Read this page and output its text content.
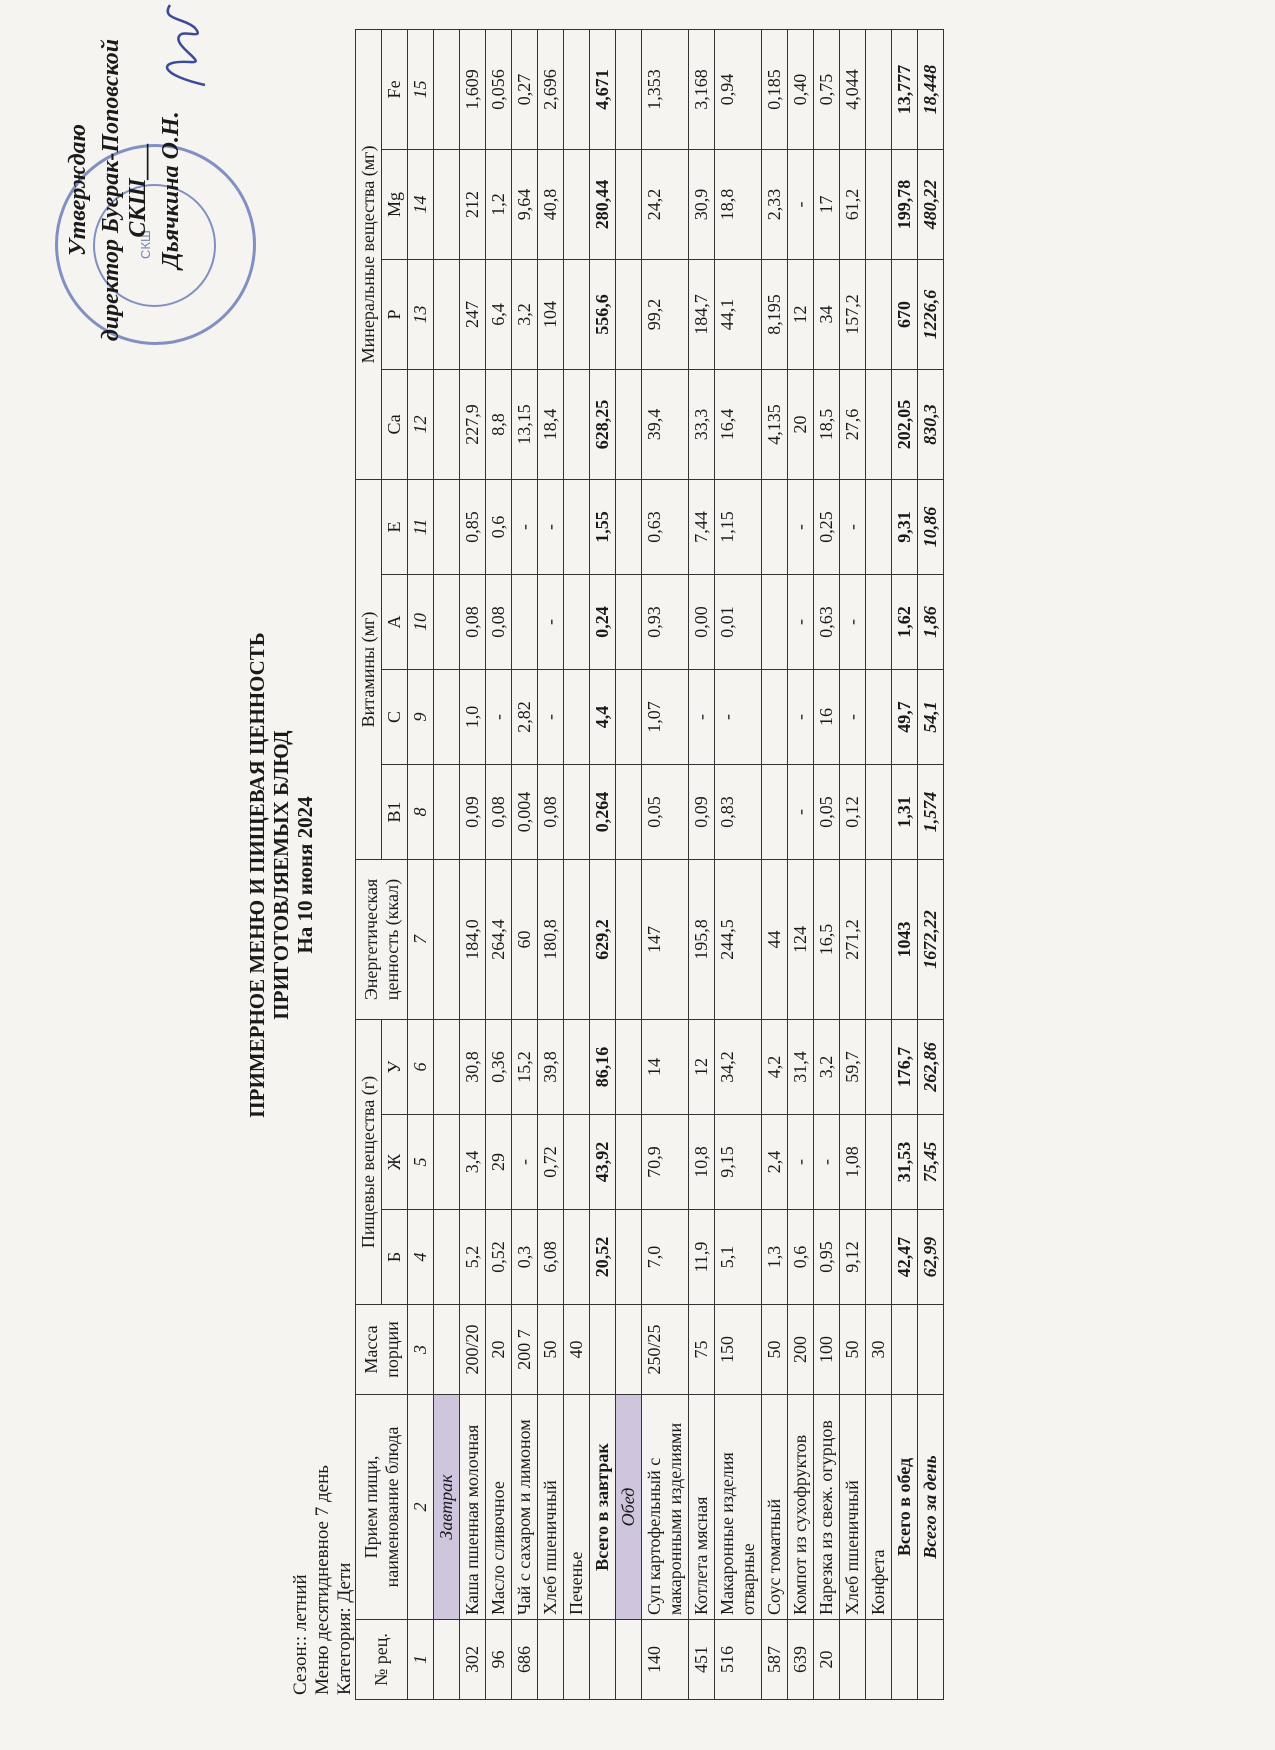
СКШ
Утверждаю директор Буерак-Поповской СКШ___ Дьячкина О.Н.
ПРИМЕРНОЕ МЕНЮ И ПИЩЕВАЯ ЦЕННОСТЬ ПРИГОТОВЛЯЕМЫХ БЛЮД На 10 июня 2024
Сезон:: летний Меню десятидневное 7 день Категория: Дети № рец.	Прием пищи, наименование блюда	Масса порции	Пищевые вещества (г)			Энергетическая ценность (ккал)	Витамины (мг)				Минеральные вещества (мг)			
			Б	Ж	У		B1	C	A	E	Ca	P	Mg	Fe
1	2	3	4	5	6	7	8	9	10	11	12	13	14	15
	Завтрак													
302	Каша пшенная молочная	200/20	5,2	3,4	30,8	184,0	0,09	1,0	0,08	0,85	227,9	247	212	1,609
96	Масло сливочное	20	0,52	29	0,36	264,4	0,08	-	0,08	0,6	8,8	6,4	1,2	0,056
686	Чай с сахаром и лимоном	200 7	0,3	-	15,2	60	0,004	2,82		-	13,15	3,2	9,64	0,27
	Хлеб пшеничный	50	6,08	0,72	39,8	180,8	0,08	-	-	-	18,4	104	40,8	2,696
	Печенье	40												
	Всего в завтрак		20,52	43,92	86,16	629,2	0,264	4,4	0,24	1,55	628,25	556,6	280,44	4,671
	Обед													
140	Суп картофельный с макаронными изделиями	250/25	7,0	70,9	14	147	0,05	1,07	0,93	0,63	39,4	99,2	24,2	1,353
451	Котлета мясная	75	11,9	10,8	12	195,8	0,09	-	0,00	7,44	33,3	184,7	30,9	3,168
516	Макаронные изделия отварные	150	5,1	9,15	34,2	244,5	0,83	-	0,01	1,15	16,4	44,1	18,8	0,94
587	Соус томатный	50	1,3	2,4	4,2	44					4,135	8,195	2,33	0,185
639	Компот из сухофруктов	200	0,6	-	31,4	124	-	-	-	-	20	12	-	0,40
20	Нарезка из свеж. огурцов	100	0,95	-	3,2	16,5	0,05	16	0,63	0,25	18,5	34	17	0,75
	Хлеб пшеничный	50	9,12	1,08	59,7	271,2	0,12	-	-	-	27,6	157,2	61,2	4,044
	Конфета	30												
	Всего в обед		42,47	31,53	176,7	1043	1,31	49,7	1,62	9,31	202,05	670	199,78	13,777
	Всего за день		62,99	75,45	262,86	1672,22	1,574	54,1	1,86	10,86	830,3	1226,6	480,22	18,448
